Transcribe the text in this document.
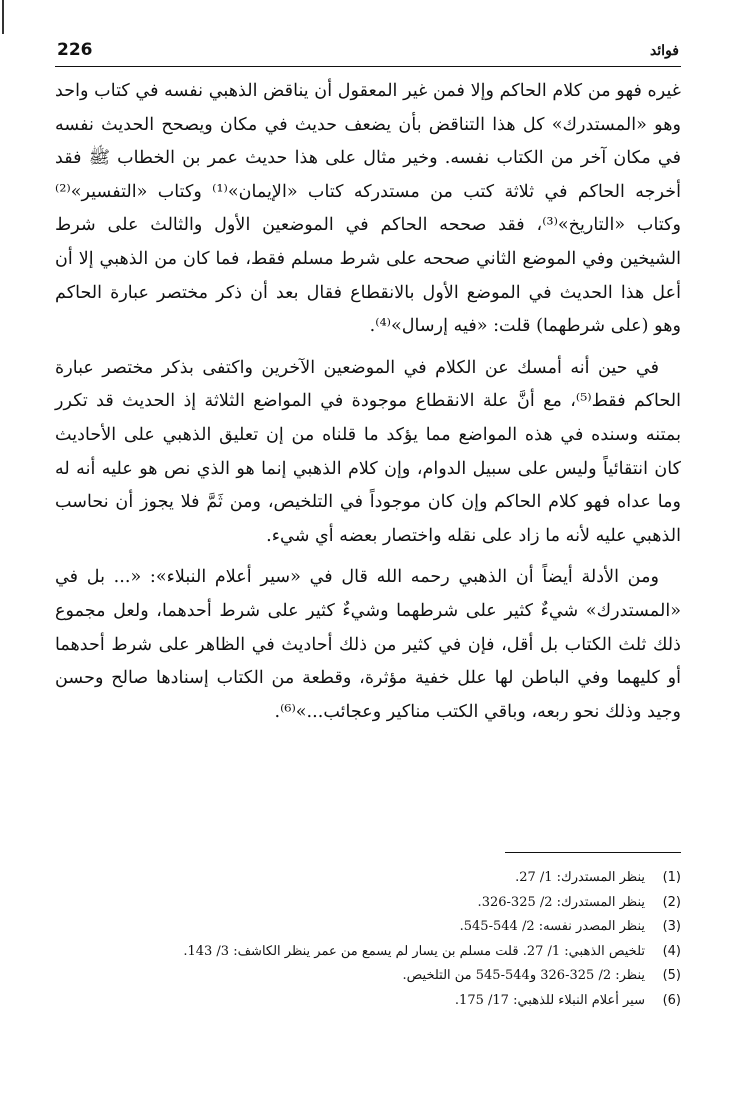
226	فوائد

غيره فهو من كلام الحاكم وإلا فمن غير المعقول أن يناقض الذهبي نفسه في كتاب واحد وهو «المستدرك» كل هذا التناقض بأن يضعف حديث في مكان ويصحح الحديث نفسه في مكان آخر من الكتاب نفسه. وخير مثال على هذا حديث عمر بن الخطاب ﷺ فقد أخرجه الحاكم في ثلاثة كتب من مستدركه كتاب «الإيمان»⁽¹⁾ وكتاب «التفسير»⁽²⁾ وكتاب «التاريخ»⁽³⁾، فقد صححه الحاكم في الموضعين الأول والثالث على شرط الشيخين وفي الموضع الثاني صححه على شرط مسلم فقط، فما كان من الذهبي إلا أن أعل هذا الحديث في الموضع الأول بالانقطاع فقال بعد أن ذكر مختصر عبارة الحاكم وهو (على شرطهما) قلت: «فيه إرسال»⁽⁴⁾.

في حين أنه أمسك عن الكلام في الموضعين الآخرين واكتفى بذكر مختصر عبارة الحاكم فقط⁽⁵⁾، مع أنَّ علة الانقطاع موجودة في المواضع الثلاثة إذ الحديث قد تكرر بمتنه وسنده في هذه المواضع مما يؤكد ما قلناه من إن تعليق الذهبي على الأحاديث كان انتقائياً وليس على سبيل الدوام، وإن كلام الذهبي إنما هو الذي نص هو عليه أنه له وما عداه فهو كلام الحاكم وإن كان موجوداً في التلخيص، ومن ثَمَّ فلا يجوز أن نحاسب الذهبي عليه لأنه ما زاد على نقله واختصار بعضه أي شيء.

ومن الأدلة أيضاً أن الذهبي رحمه الله قال في «سير أعلام النبلاء»: «... بل في «المستدرك» شيءٌ كثير على شرطهما وشيءٌ كثير على شرط أحدهما، ولعل مجموع ذلك ثلث الكتاب بل أقل، فإن في كثير من ذلك أحاديث في الظاهر على شرط أحدهما أو كليهما وفي الباطن لها علل خفية مؤثرة، وقطعة من الكتاب إسنادها صالح وحسن وجيد وذلك نحو ربعه، وباقي الكتب مناكير وعجائب...»⁽⁶⁾.

(1)
ينظر المستدرك: 1/ 27.
(2)
ينظر المستدرك: 2/ 325-326.
(3)
ينظر المصدر نفسه: 2/ 544-545.
(4)
تلخيص الذهبي: 1/ 27. قلت مسلم بن يسار لم يسمع من عمر ينظر الكاشف: 3/ 143.
(5)
ينظر: 2/ 325-326 و544-545 من التلخيص.
(6)
سير أعلام النبلاء للذهبي: 17/ 175.
